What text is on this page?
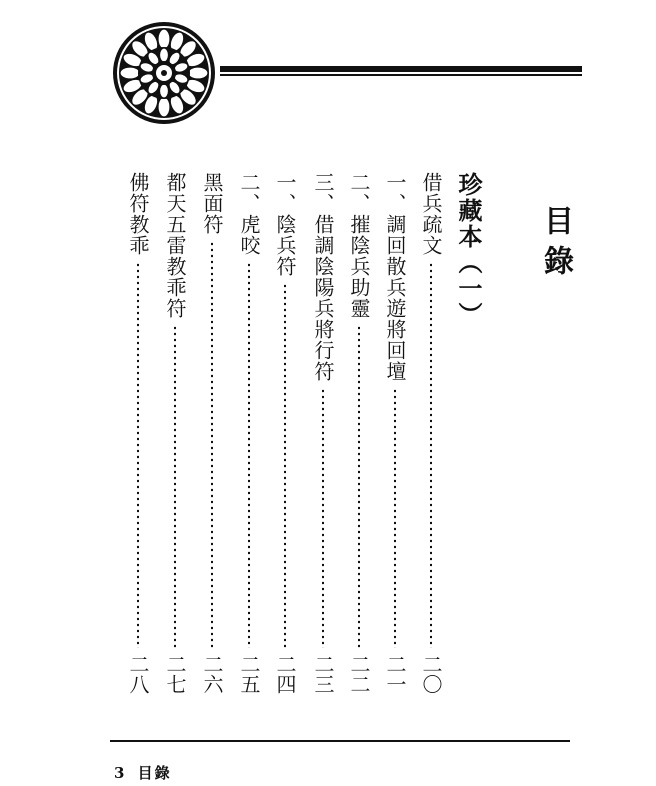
目錄
珍藏本（一）
借兵疏文
二〇
一、調回散兵遊將回壇
二一
二、摧陰兵助靈
二二
三、借調陰陽兵將行符
二三
一、陰兵符
二四
二、虎咬
二五
黑面符
二六
都天五雷教乖符
二七
佛符教乖
二八
3 目錄
